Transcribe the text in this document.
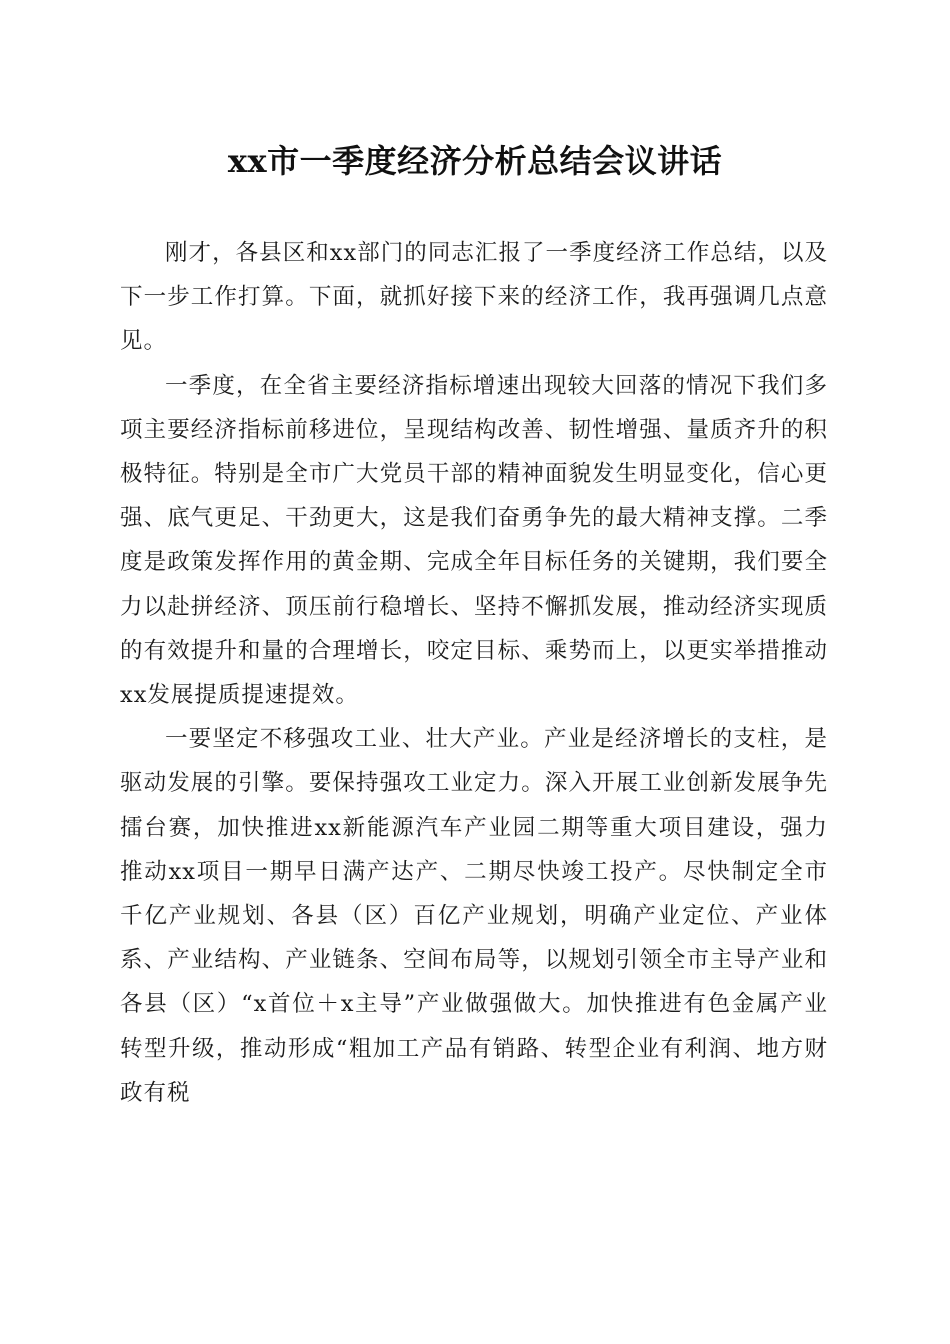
xx市一季度经济分析总结会议讲话

刚才，各县区和xx部门的同志汇报了一季度经济工作总结，以及下一步工作打算。下面，就抓好接下来的经济工作，我再强调几点意见。

一季度，在全省主要经济指标增速出现较大回落的情况下我们多项主要经济指标前移进位，呈现结构改善、韧性增强、量质齐升的积极特征。特别是全市广大党员干部的精神面貌发生明显变化，信心更强、底气更足、干劲更大，这是我们奋勇争先的最大精神支撑。二季度是政策发挥作用的黄金期、完成全年目标任务的关键期，我们要全力以赴拼经济、顶压前行稳增长、坚持不懈抓发展，推动经济实现质的有效提升和量的合理增长，咬定目标、乘势而上，以更实举措推动xx发展提质提速提效。

一要坚定不移强攻工业、壮大产业。产业是经济增长的支柱，是驱动发展的引擎。要保持强攻工业定力。深入开展工业创新发展争先擂台赛，加快推进xx新能源汽车产业园二期等重大项目建设，强力推动xx项目一期早日满产达产、二期尽快竣工投产。尽快制定全市千亿产业规划、各县（区）百亿产业规划，明确产业定位、产业体系、产业结构、产业链条、空间布局等，以规划引领全市主导产业和各县（区）“x首位＋x主导”产业做强做大。加快推进有色金属产业转型升级，推动形成“粗加工产品有销路、转型企业有利润、地方财政有税
